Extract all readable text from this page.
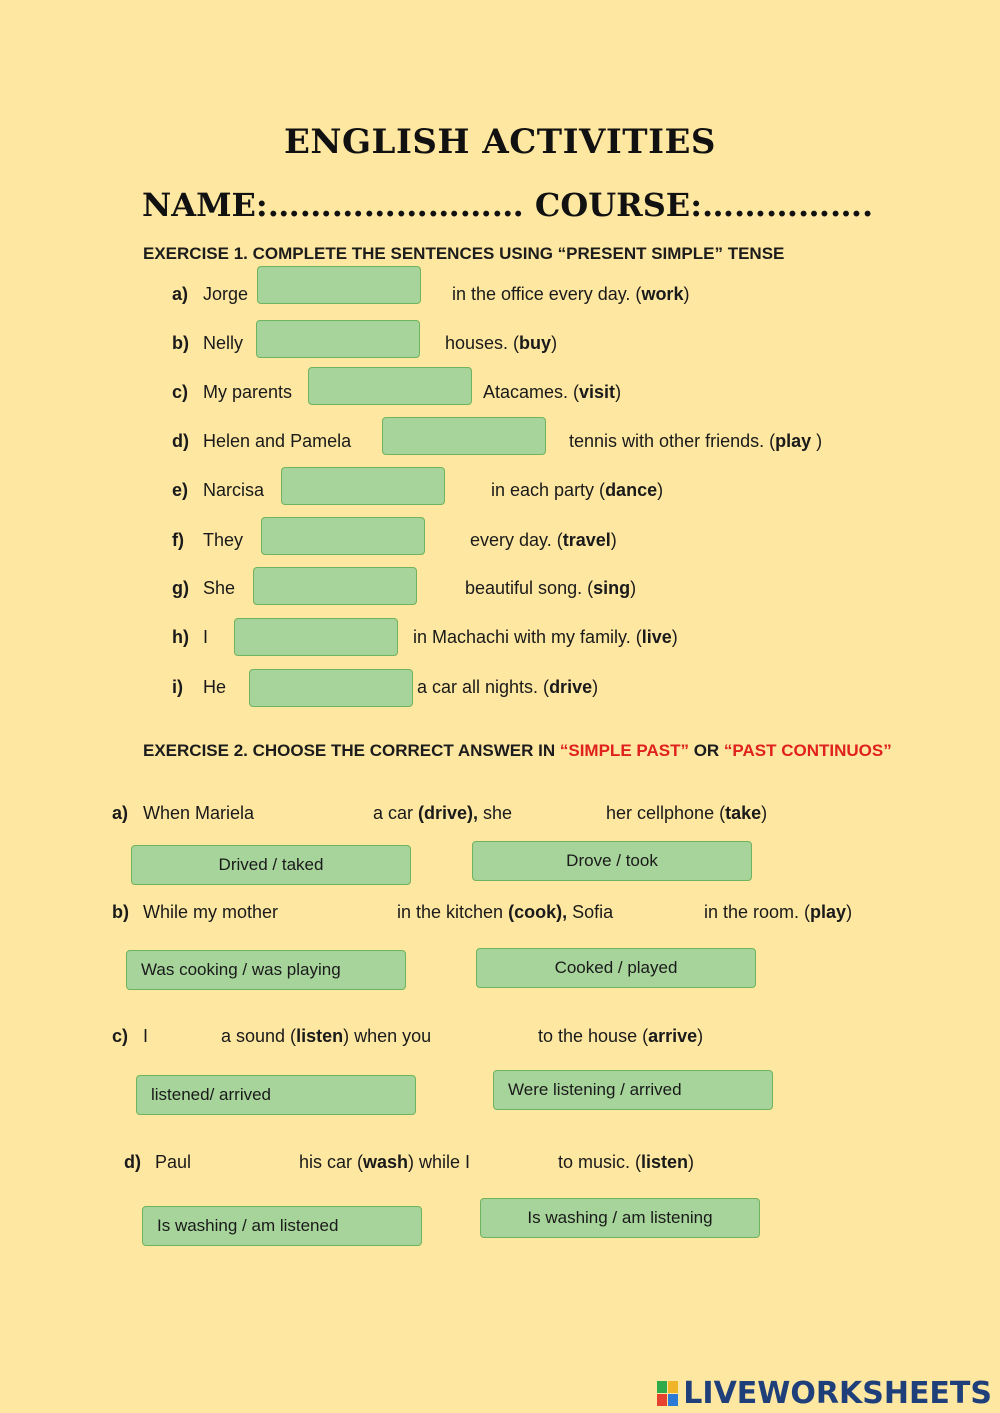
ENGLISH ACTIVITIES
NAME:…………………… COURSE:…………….
EXERCISE 1. COMPLETE THE SENTENCES USING “PRESENT SIMPLE” TENSE
a) Jorge	in the office every day. (work)
b) Nelly	houses. (buy)
c) My parents	Atacames. (visit)
d) Helen and Pamela	tennis with other friends. (play )
e) Narcisa	in each party (dance)
f) They	every day. (travel)
g) She	beautiful song. (sing)
h) I	in Machachi with my family. (live)
i) He	a car all nights. (drive)
EXERCISE 2. CHOOSE THE CORRECT ANSWER IN “SIMPLE PAST” OR “PAST CONTINUOS”
a) When Mariela	a car (drive), she	her cellphone (take)
Drived / taked	Drove / took
b) While my mother	in the kitchen (cook), Sofia	in the room. (play)
Was cooking / was playing	Cooked / played
c) I	a sound (listen) when you	to the house (arrive)
listened/ arrived	Were listening / arrived
d) Paul	his car (wash) while I	to music. (listen)
Is washing / am listened	Is washing / am listening
LIVEWORKSHEETS
